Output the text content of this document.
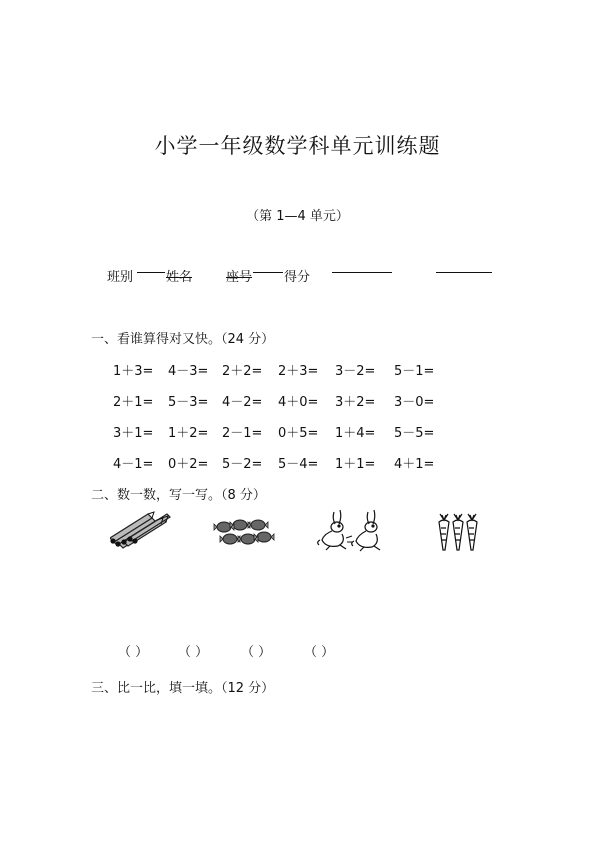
小学一年级数学科单元训练题
（第 1—4 单元）
班别	姓名	座号 得分
一、看谁算得对又快。（24 分）
1＋3= 4－3= 2＋2= 2＋3= 3－2= 5－1=
2＋1= 5－3= 4－2= 4＋0= 3＋2= 3－0=
3＋1= 1＋2= 2－1= 0＋5= 1＋4= 5－5=
4－1= 0＋2= 5－2= 5－4= 1＋1= 4＋1=
二、数一数，写一写。（8 分）
（ ） （ ）	（ ）	（ ）
三、比一比，填一填。（12 分）
